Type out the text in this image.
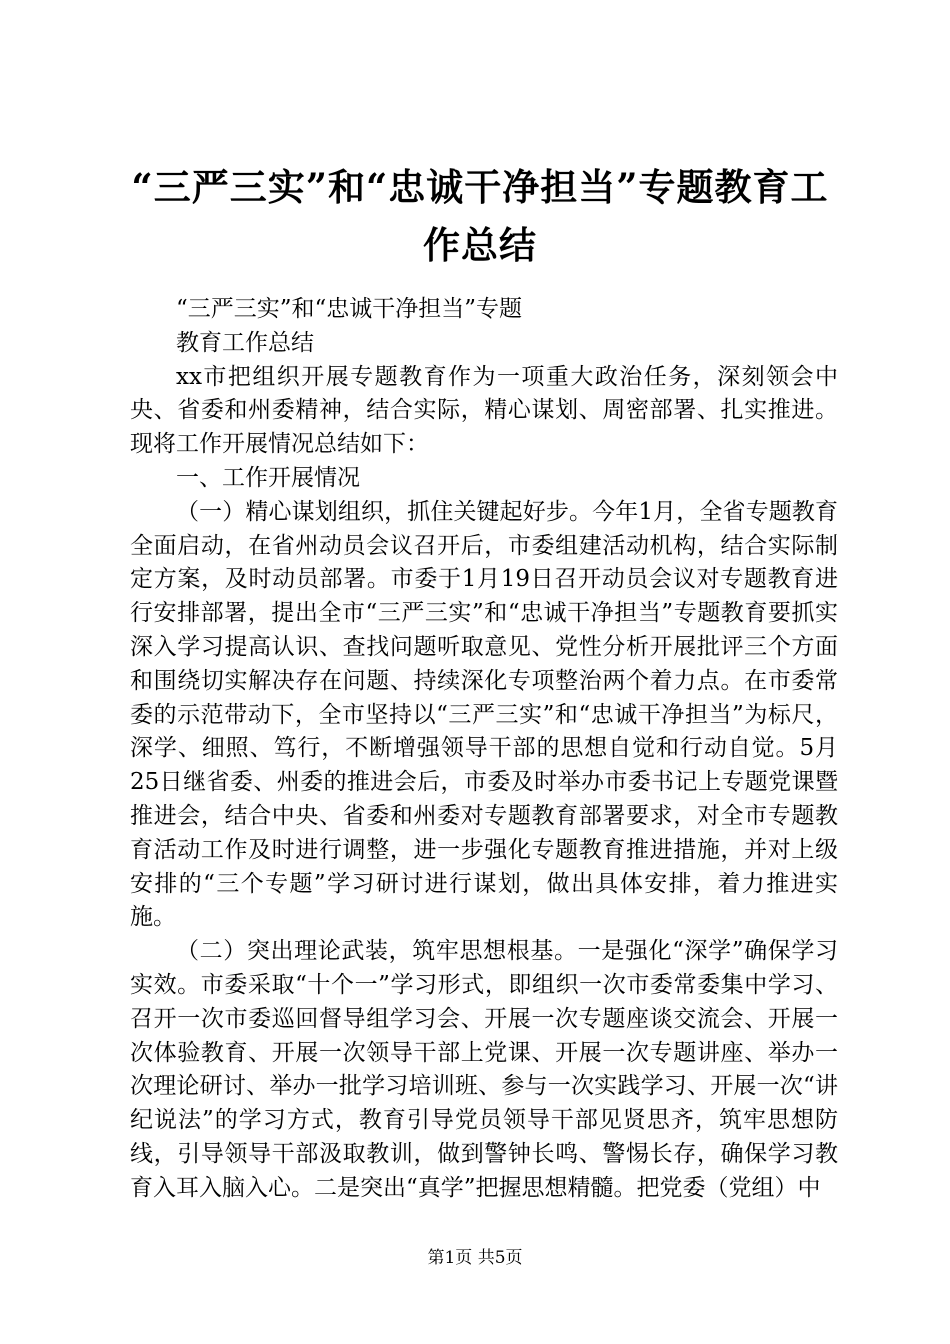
“三严三实”和“忠诚干净担当”专题教育工作总结

“三严三实”和“忠诚干净担当”专题

教育工作总结

xx市把组织开展专题教育作为一项重大政治任务，深刻领会中央、省委和州委精神，结合实际，精心谋划、周密部署、扎实推进。现将工作开展情况总结如下：

一、工作开展情况

（一）精心谋划组织，抓住关键起好步。今年1月，全省专题教育全面启动，在省州动员会议召开后，市委组建活动机构，结合实际制定方案，及时动员部署。市委于1月19日召开动员会议对专题教育进行安排部署，提出全市“三严三实”和“忠诚干净担当”专题教育要抓实深入学习提高认识、查找问题听取意见、党性分析开展批评三个方面和围绕切实解决存在问题、持续深化专项整治两个着力点。在市委常委的示范带动下，全市坚持以“三严三实”和“忠诚干净担当”为标尺，深学、细照、笃行，不断增强领导干部的思想自觉和行动自觉。5月25日继省委、州委的推进会后，市委及时举办市委书记上专题党课暨推进会，结合中央、省委和州委对专题教育部署要求，对全市专题教育活动工作及时进行调整，进一步强化专题教育推进措施，并对上级安排的“三个专题”学习研讨进行谋划，做出具体安排，着力推进实施。

（二）突出理论武装，筑牢思想根基。一是强化“深学”确保学习实效。市委采取“十个一”学习形式，即组织一次市委常委集中学习、召开一次市委巡回督导组学习会、开展一次专题座谈交流会、开展一次体验教育、开展一次领导干部上党课、开展一次专题讲座、举办一次理论研讨、举办一批学习培训班、参与一次实践学习、开展一次“讲纪说法”的学习方式，教育引导党员领导干部见贤思齐，筑牢思想防线，引导领导干部汲取教训，做到警钟长鸣、警惕长存，确保学习教育入耳入脑入心。二是突出“真学”把握思想精髓。把党委（党组）中

第1页 共5页
